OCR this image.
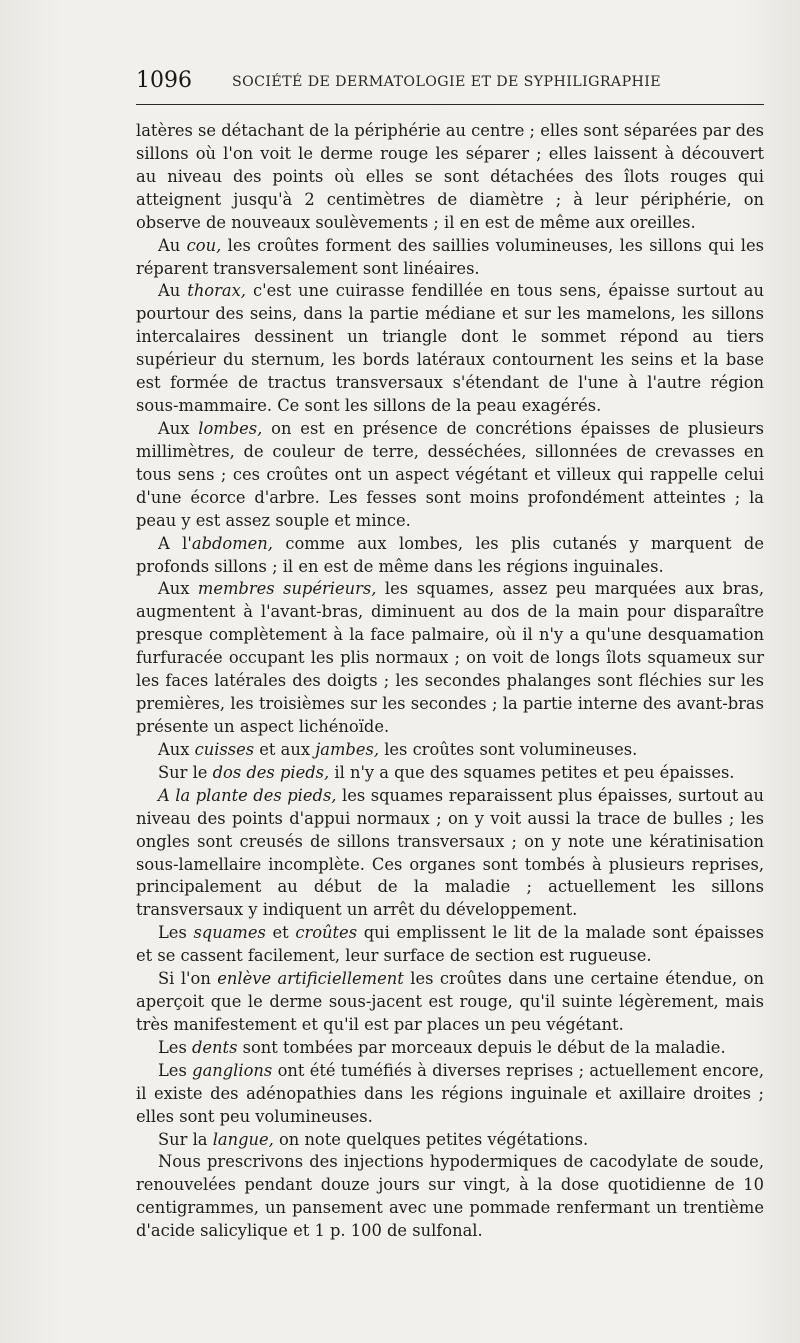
1096	SOCIÉTÉ DE DERMATOLOGIE ET DE SYPHILIGRAPHIE

latères se détachant de la périphérie au centre ; elles sont séparées par des sillons où l'on voit le derme rouge les séparer ; elles laissent à découvert au niveau des points où elles se sont détachées des îlots rouges qui atteignent jusqu'à 2 centimètres de diamètre ; à leur périphérie, on observe de nouveaux soulèvements ; il en est de même aux oreilles.

Au cou, les croûtes forment des saillies volumineuses, les sillons qui les réparent transversalement sont linéaires.

Au thorax, c'est une cuirasse fendillée en tous sens, épaisse surtout au pourtour des seins, dans la partie médiane et sur les mamelons, les sillons intercalaires dessinent un triangle dont le sommet répond au tiers supérieur du sternum, les bords latéraux contournent les seins et la base est formée de tractus transversaux s'étendant de l'une à l'autre région sous-mammaire. Ce sont les sillons de la peau exagérés.

Aux lombes, on est en présence de concrétions épaisses de plusieurs millimètres, de couleur de terre, desséchées, sillonnées de crevasses en tous sens ; ces croûtes ont un aspect végétant et villeux qui rappelle celui d'une écorce d'arbre. Les fesses sont moins profondément atteintes ; la peau y est assez souple et mince.

A l'abdomen, comme aux lombes, les plis cutanés y marquent de profonds sillons ; il en est de même dans les régions inguinales.

Aux membres supérieurs, les squames, assez peu marquées aux bras, augmentent à l'avant-bras, diminuent au dos de la main pour disparaître presque complètement à la face palmaire, où il n'y a qu'une desquamation furfuracée occupant les plis normaux ; on voit de longs îlots squameux sur les faces latérales des doigts ; les secondes phalanges sont fléchies sur les premières, les troisièmes sur les secondes ; la partie interne des avant-bras présente un aspect lichénoïde.

Aux cuisses et aux jambes, les croûtes sont volumineuses.

Sur le dos des pieds, il n'y a que des squames petites et peu épaisses.

A la plante des pieds, les squames reparaissent plus épaisses, surtout au niveau des points d'appui normaux ; on y voit aussi la trace de bulles ; les ongles sont creusés de sillons transversaux ; on y note une kératinisation sous-lamellaire incomplète. Ces organes sont tombés à plusieurs reprises, principalement au début de la maladie ; actuellement les sillons transversaux y indiquent un arrêt du développement.

Les squames et croûtes qui emplissent le lit de la malade sont épaisses et se cassent facilement, leur surface de section est rugueuse.

Si l'on enlève artificiellement les croûtes dans une certaine étendue, on aperçoit que le derme sous-jacent est rouge, qu'il suinte légèrement, mais très manifestement et qu'il est par places un peu végétant.

Les dents sont tombées par morceaux depuis le début de la maladie.

Les ganglions ont été tuméfiés à diverses reprises ; actuellement encore, il existe des adénopathies dans les régions inguinale et axillaire droites ; elles sont peu volumineuses.

Sur la langue, on note quelques petites végétations.

Nous prescrivons des injections hypodermiques de cacodylate de soude, renouvelées pendant douze jours sur vingt, à la dose quotidienne de 10 centigrammes, un pansement avec une pommade renfermant un trentième d'acide salicylique et 1 p. 100 de sulfonal.
